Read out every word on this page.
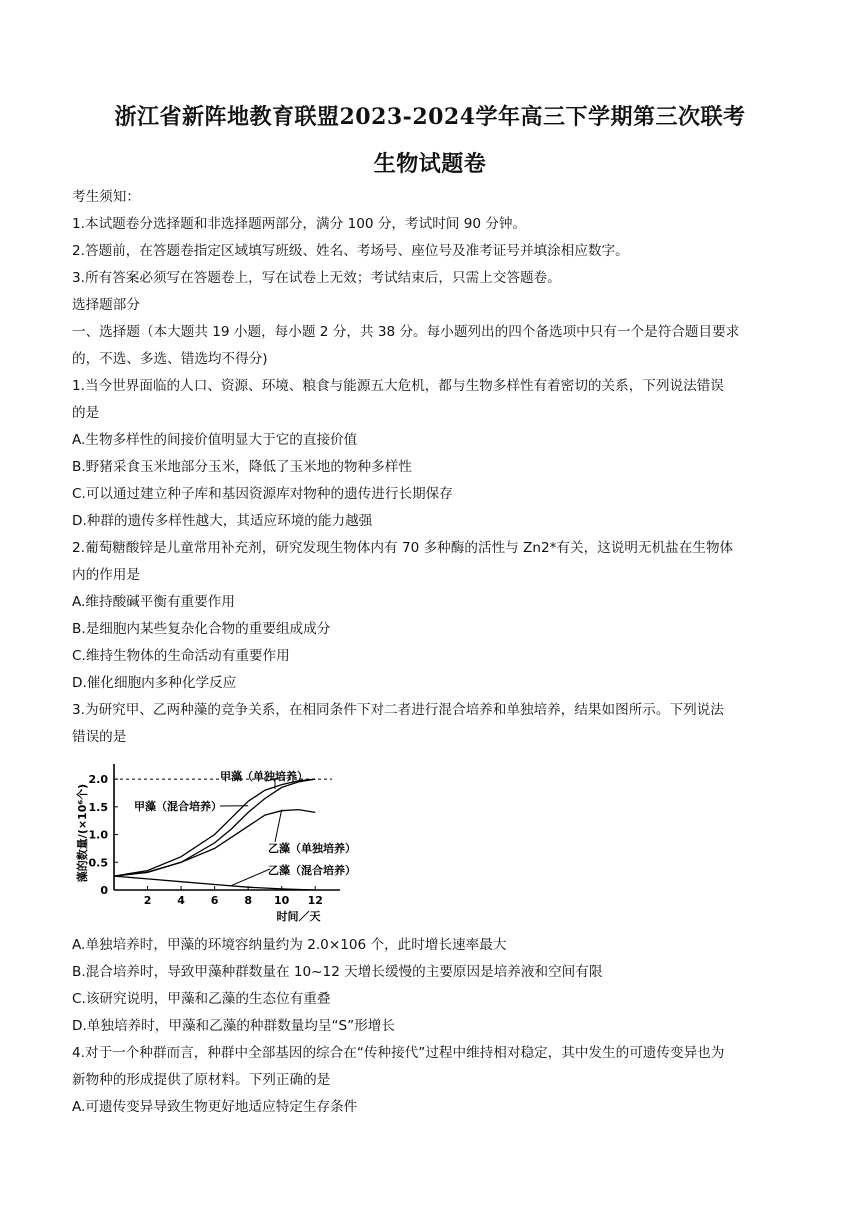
浙江省新阵地教育联盟2023-2024学年高三下学期第三次联考
生物试题卷
考生须知：
1.本试题卷分选择题和非选择题两部分，满分 100 分，考试时间 90 分钟。
2.答题前，在答题卷指定区域填写班级、姓名、考场号、座位号及准考证号并填涂相应数字。
3.所有答案必须写在答题卷上，写在试卷上无效；考试结束后，只需上交答题卷。
选择题部分
一、选择题（本大题共 19 小题，每小题 2 分，共 38 分。每小题列出的四个备选项中只有一个是符合题目要求
的，不选、多选、错选均不得分)
1.当今世界面临的人口、资源、环境、粮食与能源五大危机，都与生物多样性有着密切的关系，下列说法错误
的是
A.生物多样性的间接价值明显大于它的直接价值
B.野猪采食玉米地部分玉米，降低了玉米地的物种多样性
C.可以通过建立种子库和基因资源库对物种的遗传进行长期保存
D.种群的遗传多样性越大，其适应环境的能力越强
2.葡萄糖酸锌是儿童常用补充剂，研究发现生物体内有 70 多种酶的活性与 Zn2*有关，这说明无机盐在生物体
内的作用是
A.维持酸碱平衡有重要作用
B.是细胞内某些复杂化合物的重要组成成分
C.维持生物体的生命活动有重要作用
D.催化细胞内多种化学反应
3.为研究甲、乙两种藻的竞争关系，在相同条件下对二者进行混合培养和单独培养，结果如图所示。下列说法
错误的是
0
0.5
1.0
1.5
2.0
2 4 6 8 10 12
时间／天
藻的数量/(×10⁶个)
甲藻（单独培养）
甲藻（混合培养）
乙藻（单独培养）
乙藻（混合培养）
A.单独培养时，甲藻的环境容纳量约为 2.0×106 个，此时增长速率最大
B.混合培养时，导致甲藻种群数量在 10~12 天增长缓慢的主要原因是培养液和空间有限
C.该研究说明，甲藻和乙藻的生态位有重叠
D.单独培养时，甲藻和乙藻的种群数量均呈“S”形增长
4.对于一个种群而言，种群中全部基因的综合在“传种接代”过程中维持相对稳定，其中发生的可遗传变异也为
新物种的形成提供了原材料。下列正确的是
A.可遗传变异导致生物更好地适应特定生存条件
